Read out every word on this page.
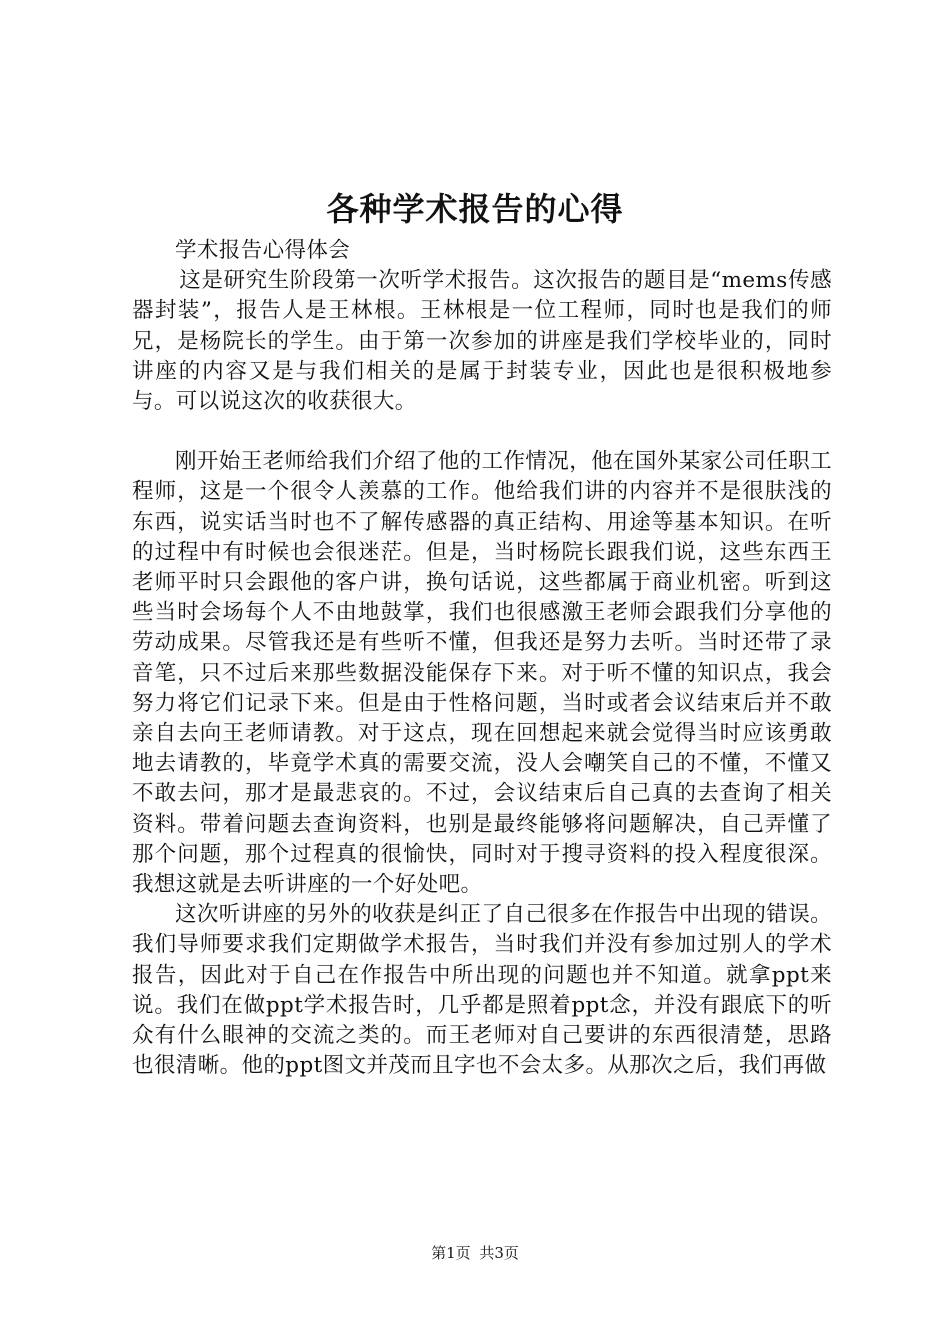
各种学术报告的心得

学术报告心得体会

这是研究生阶段第一次听学术报告。这次报告的题目是“mems传感器封装”，报告人是王林根。王林根是一位工程师，同时也是我们的师兄，是杨院长的学生。由于第一次参加的讲座是我们学校毕业的，同时讲座的内容又是与我们相关的是属于封装专业，因此也是很积极地参与。可以说这次的收获很大。

刚开始王老师给我们介绍了他的工作情况，他在国外某家公司任职工程师，这是一个很令人羡慕的工作。他给我们讲的内容并不是很肤浅的东西，说实话当时也不了解传感器的真正结构、用途等基本知识。在听的过程中有时候也会很迷茫。但是，当时杨院长跟我们说，这些东西王老师平时只会跟他的客户讲，换句话说，这些都属于商业机密。听到这些当时会场每个人不由地鼓掌，我们也很感激王老师会跟我们分享他的劳动成果。尽管我还是有些听不懂，但我还是努力去听。当时还带了录音笔，只不过后来那些数据没能保存下来。对于听不懂的知识点，我会努力将它们记录下来。但是由于性格问题，当时或者会议结束后并不敢亲自去向王老师请教。对于这点，现在回想起来就会觉得当时应该勇敢地去请教的，毕竟学术真的需要交流，没人会嘲笑自己的不懂，不懂又不敢去问，那才是最悲哀的。不过，会议结束后自己真的去查询了相关资料。带着问题去查询资料，也别是最终能够将问题解决，自己弄懂了那个问题，那个过程真的很愉快，同时对于搜寻资料的投入程度很深。我想这就是去听讲座的一个好处吧。

这次听讲座的另外的收获是纠正了自己很多在作报告中出现的错误。我们导师要求我们定期做学术报告，当时我们并没有参加过别人的学术报告，因此对于自己在作报告中所出现的问题也并不知道。就拿ppt来说。我们在做ppt学术报告时，几乎都是照着ppt念，并没有跟底下的听众有什么眼神的交流之类的。而王老师对自己要讲的东西很清楚，思路也很清晰。他的ppt图文并茂而且字也不会太多。从那次之后，我们再做

第1页 共3页
